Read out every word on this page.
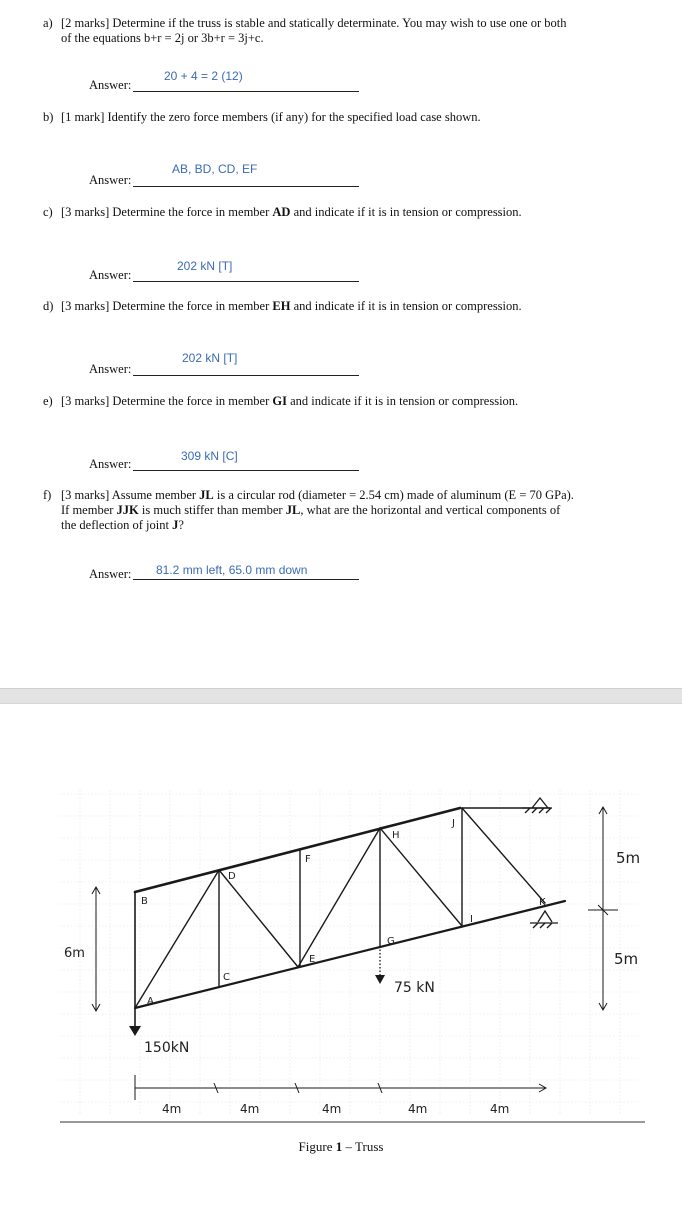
a) [2 marks] Determine if the truss is stable and statically determinate. You may wish to use one or both
of the equations b+r = 2j or 3b+r = 3j+c.
Answer:
20 + 4 = 2 (12)
b) [1 mark] Identify the zero force members (if any) for the specified load case shown.
Answer:
AB, BD, CD, EF
c) [3 marks] Determine the force in member AD and indicate if it is in tension or compression.
Answer:
202 kN [T]
d) [3 marks] Determine the force in member EH and indicate if it is in tension or compression.
Answer:
202 kN [T]
e) [3 marks] Determine the force in member GI and indicate if it is in tension or compression.
Answer:
309 kN [C]
f) [3 marks] Assume member JL is a circular rod (diameter = 2.54 cm) made of aluminum (E = 70 GPa).
If member JJK is much stiffer than member JL, what are the horizontal and vertical components of
the deflection of joint J?
Answer: 81.2 mm left, 65.0 mm down
B
A
C
D
E
F
G
H
I
J
K
150kN
75 kN
6m
5m
5m
4m	4m	4m	4m	4m
Figure 1 – Truss
